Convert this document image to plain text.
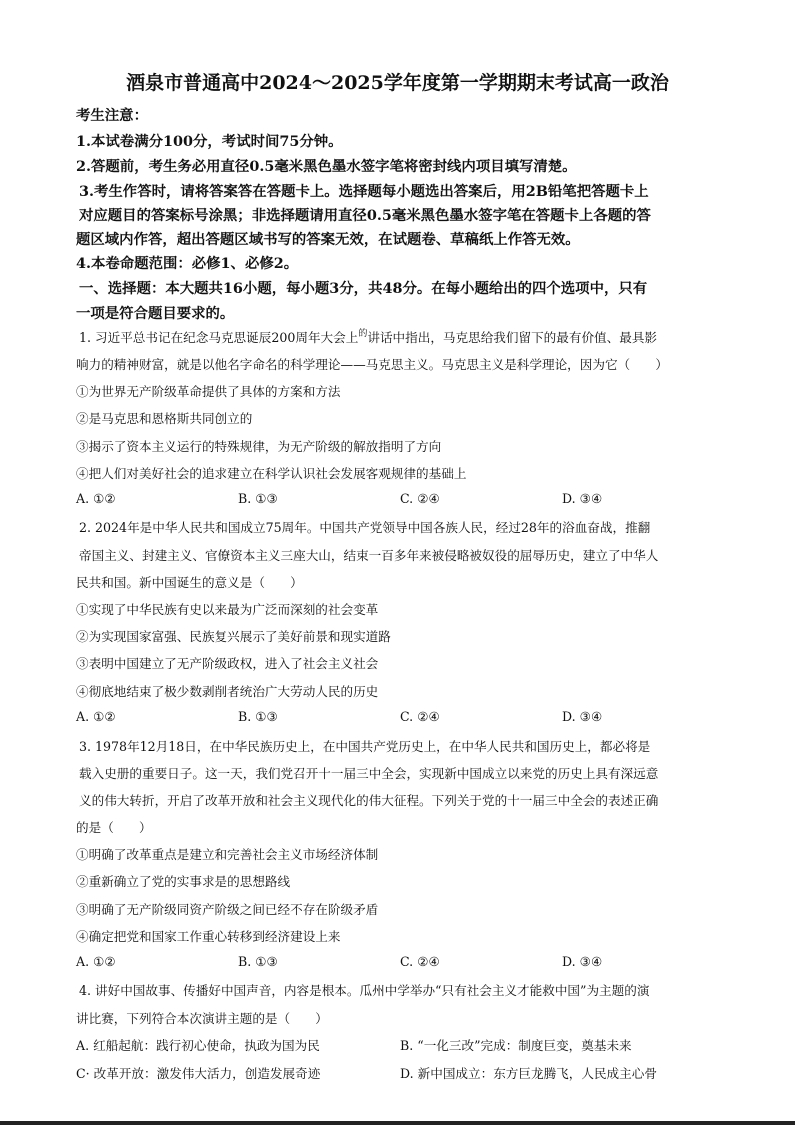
酒泉市普通高中2024～2025学年度第一学期期末考试高一政治
考生注意：
1.本试卷满分100分，考试时间75分钟。
2.答题前，考生务必用直径0.5毫米黑色墨水签字笔将密封线内项目填写清楚。
3.考生作答时，请将答案答在答题卡上。选择题每小题选出答案后，用2B铅笔把答题卡上
对应题目的答案标号涂黑；非选择题请用直径0.5毫米黑色墨水签字笔在答题卡上各题的答
题区域内作答，超出答题区域书写的答案无效，在试题卷、草稿纸上作答无效。
4.本卷命题范围：必修1、必修2。
一、选择题：本大题共16小题，每小题3分，共48分。在每小题给出的四个选项中，只有
一项是符合题目要求的。
1. 习近平总书记在纪念马克思诞辰200周年大会上$^的$讲话中指出，马克思给我们留下的最有价值、最具影
响力的精神财富，就是以他名字命名的科学理论——马克思主义。马克思主义是科学理论，因为它（　　）
①为世界无产阶级革命提供了具体的方案和方法
②是马克思和恩格斯共同创立的
③揭示了资本主义运行的特殊规律，为无产阶级的解放指明了方向
④把人们对美好社会的追求建立在科学认识社会发展客观规律的基础上
A. ①②	B. ①③	C. ②④	D. ③④
2. 2024年是中华人民共和国成立75周年。中国共产党领导中国各族人民，经过28年的浴血奋战，推翻
帝国主义、封建主义、官僚资本主义三座大山，结束一百多年来被侵略被奴役的屈辱历史，建立了中华人
民共和国。新中国诞生的意义是（　　）
①实现了中华民族有史以来最为广泛而深刻的社会变革
②为实现国家富强、民族复兴展示了美好前景和现实道路
③表明中国建立了无产阶级政权，进入了社会主义社会
④彻底地结束了极少数剥削者统治广大劳动人民的历史
A. ①②	B. ①③	C. ②④	D. ③④
3. 1978年12月18日，在中华民族历史上，在中国共产党历史上，在中华人民共和国历史上，都必将是
载入史册的重要日子。这一天，我们党召开十一届三中全会，实现新中国成立以来党的历史上具有深远意
义的伟大转折，开启了改革开放和社会主义现代化的伟大征程。下列关于党的十一届三中全会的表述正确
的是（　　）
①明确了改革重点是建立和完善社会主义市场经济体制
②重新确立了党的实事求是的思想路线
③明确了无产阶级同资产阶级之间已经不存在阶级矛盾
④确定把党和国家工作重心转移到经济建设上来
A. ①②	B. ①③	C. ②④	D. ③④
4. 讲好中国故事、传播好中国声音，内容是根本。瓜州中学举办“只有社会主义才能救中国”为主题的演
讲比赛，下列符合本次演讲主题的是（　　）
A. 红船起航：践行初心使命，执政为国为民	B. “一化三改”完成：制度巨变，奠基未来
C· 改革开放：激发伟大活力，创造发展奇迹	D. 新中国成立：东方巨龙腾飞，人民成主心骨
